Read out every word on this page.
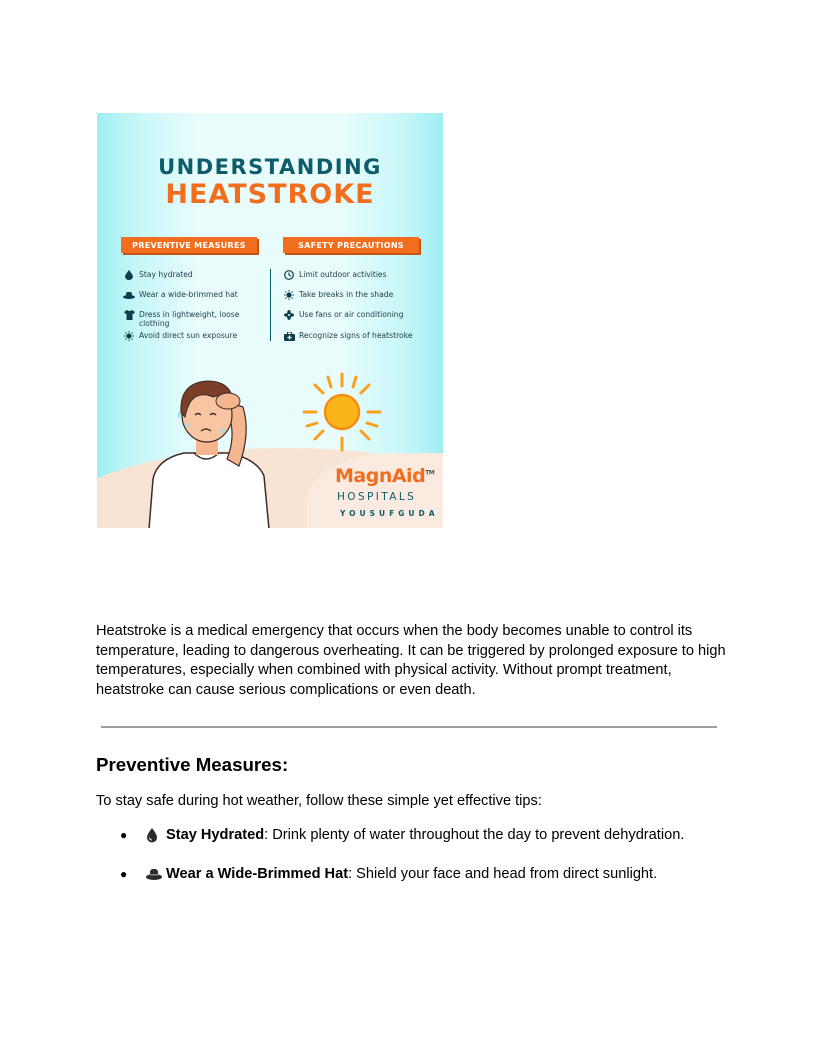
UNDERSTANDING
HEATSTROKE
PREVENTIVE MEASURES	SAFETY PRECAUTIONS
Stay hydrated
Wear a wide-brimmed hat
Dress in lightweight, loose clothing
Avoid direct sun exposure
Limit outdoor activities
Take breaks in the shade
Use fans or air conditioning
Recognize signs of heatstroke
MagnAid™
HOSPITALS
YOUSUFGUDA

Heatstroke is a medical emergency that occurs when the body becomes unable to control its temperature, leading to dangerous overheating. It can be triggered by prolonged exposure to high temperatures, especially when combined with physical activity. Without prompt treatment, heatstroke can cause serious complications or even death.

Preventive Measures:

To stay safe during hot weather, follow these simple yet effective tips:

●	Stay Hydrated : Drink plenty of water throughout the day to prevent dehydration.
●	Wear a Wide-Brimmed Hat : Shield your face and head from direct sunlight.
